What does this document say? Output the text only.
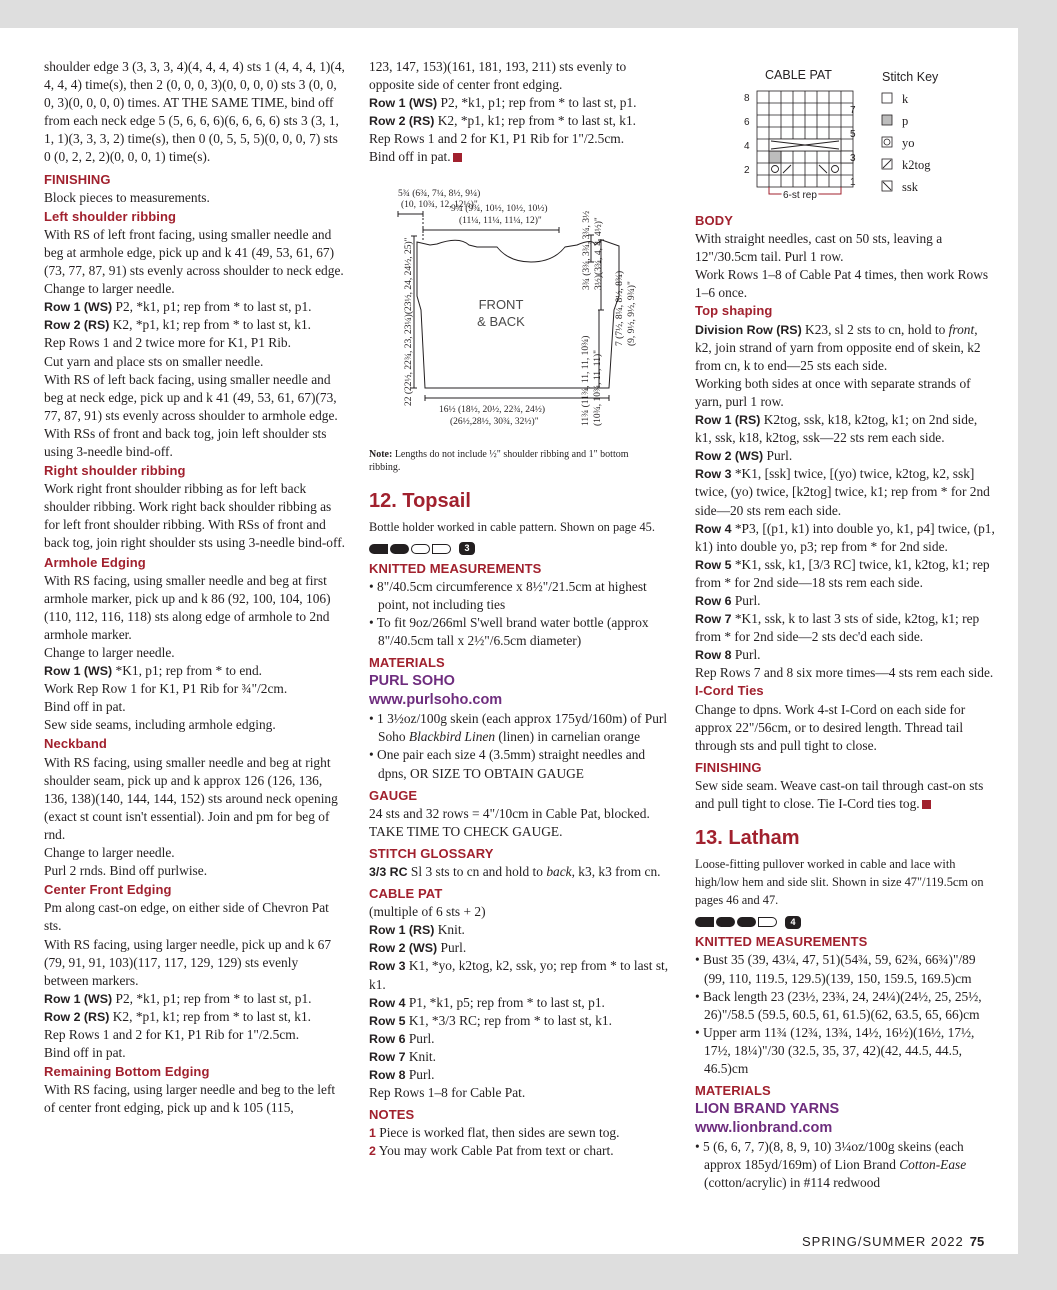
shoulder edge 3 (3, 3, 3, 4)(4, 4, 4, 4) sts 1 (4, 4, 4, 1)(4, 4, 4, 4) time(s), then 2 (0, 0, 0, 3)(0, 0, 0, 0) sts 3 (0, 0, 0, 3)(0, 0, 0, 0) times. AT THE SAME TIME, bind off from each neck edge 5 (5, 6, 6, 6)(6, 6, 6, 6) sts 3 (3, 1, 1, 1)(3, 3, 3, 2) time(s), then 0 (0, 5, 5, 5)(0, 0, 0, 7) sts 0 (0, 2, 2, 2)(0, 0, 0, 1) time(s).

FINISHING

Block pieces to measurements.

Left shoulder ribbing

With RS of left front facing, using smaller needle and beg at armhole edge, pick up and k 41 (49, 53, 61, 67)(73, 77, 87, 91) sts evenly across shoulder to neck edge.

Change to larger needle.

Row 1 (WS) P2, *k1, p1; rep from * to last st, p1.

Row 2 (RS) K2, *p1, k1; rep from * to last st, k1.

Rep Rows 1 and 2 twice more for K1, P1 Rib.

Cut yarn and place sts on smaller needle.

With RS of left back facing, using smaller needle and beg at neck edge, pick up and k 41 (49, 53, 61, 67)(73, 77, 87, 91) sts evenly across shoulder to armhole edge.

With RSs of front and back tog, join left shoulder sts using 3-needle bind-off.

Right shoulder ribbing

Work right front shoulder ribbing as for left back shoulder ribbing. Work right back shoulder ribbing as for left front shoulder ribbing. With RSs of front and back tog, join right shoulder sts using 3-needle bind-off.

Armhole Edging

With RS facing, using smaller needle and beg at first armhole marker, pick up and k 86 (92, 100, 104, 106)(110, 112, 116, 118) sts along edge of armhole to 2nd armhole marker.

Change to larger needle.

Row 1 (WS) *K1, p1; rep from * to end.

Work Rep Row 1 for K1, P1 Rib for ¾"/2cm.

Bind off in pat.

Sew side seams, including armhole edging.

Neckband

With RS facing, using smaller needle and beg at right shoulder seam, pick up and k approx 126 (126, 136, 136, 138)(140, 144, 144, 152) sts around neck opening (exact st count isn't essential). Join and pm for beg of rnd.

Change to larger needle.

Purl 2 rnds. Bind off purlwise.

Center Front Edging

Pm along cast-on edge, on either side of Chevron Pat sts.

With RS facing, using larger needle, pick up and k 67 (79, 91, 91, 103)(117, 117, 129, 129) sts evenly between markers.

Row 1 (WS) P2, *k1, p1; rep from * to last st, p1.

Row 2 (RS) K2, *p1, k1; rep from * to last st, k1.

Rep Rows 1 and 2 for K1, P1 Rib for 1"/2.5cm.

Bind off in pat.

Remaining Bottom Edging

With RS facing, using larger needle and beg to the left of center front edging, pick up and k 105 (115,

123, 147, 153)(161, 181, 193, 211) sts evenly to opposite side of center front edging.

Row 1 (WS) P2, *k1, p1; rep from * to last st, p1.

Row 2 (RS) K2, *p1, k1; rep from * to last st, k1.

Rep Rows 1 and 2 for K1, P1 Rib for 1"/2.5cm.

Bind off in pat.

5¾ (6¾, 7¼, 8½, 9¼)
(10, 10¾, 12, 12½)"
9¾ (9¾, 10½, 10½, 10½)
(11¼, 11¼, 11¼, 12)"
16½ (18½, 20½, 22¾, 24½)
(26½,28½, 30¾, 32½)"
22 (22½, 22¾, 23, 23¼)(23½, 24, 24½, 25)"	3¾ (3¾, 3¾, 3¾, 3½ 3½)(3¾, 4, 4, 4½)"
7 (7½, 8¼, 8½, 8¾) (9, 9½, 9½, 9¾)"
11¾ (11¾, 11, 11, 10¾) (10¾, 10¾, 11, 11)"
FRONT
& BACK

Note: Lengths do not include ½" shoulder ribbing and 1" bottom ribbing.

12. Topsail

Bottle holder worked in cable pattern. Shown on page 45.

3
KNITTED MEASUREMENTS

• 8"/40.5cm circumference x 8½"/21.5cm at highest point, not including ties

• To fit 9oz/266ml S'well brand water bottle (approx 8"/40.5cm tall x 2½"/6.5cm diameter)

MATERIALS
PURL SOHO
www.purlsoho.com

• 1 3½oz/100g skein (each approx 175yd/160m) of Purl Soho Blackbird Linen (linen) in carnelian orange

• One pair each size 4 (3.5mm) straight needles and dpns, OR SIZE TO OBTAIN GAUGE

GAUGE

24 sts and 32 rows = 4"/10cm in Cable Pat, blocked.

TAKE TIME TO CHECK GAUGE.

STITCH GLOSSARY

3/3 RC Sl 3 sts to cn and hold to back, k3, k3 from cn.

CABLE PAT

(multiple of 6 sts + 2)

Row 1 (RS) Knit.

Row 2 (WS) Purl.

Row 3 K1, *yo, k2tog, k2, ssk, yo; rep from * to last st, k1.

Row 4 P1, *k1, p5; rep from * to last st, p1.

Row 5 K1, *3/3 RC; rep from * to last st, k1.

Row 6 Purl.

Row 7 Knit.

Row 8 Purl.

Rep Rows 1–8 for Cable Pat.

NOTES

1 Piece is worked flat, then sides are sewn tog.

2 You may work Cable Pat from text or chart.

CABLE PAT	Stitch Key
6-st rep
8
6
4
2
7
5
3
1
k
p
yo
k2tog
ssk
BODY

With straight needles, cast on 50 sts, leaving a 12"/30.5cm tail. Purl 1 row.

Work Rows 1–8 of Cable Pat 4 times, then work Rows 1–6 once.

Top shaping

Division Row (RS) K23, sl 2 sts to cn, hold to front, k2, join strand of yarn from opposite end of skein, k2 from cn, k to end—25 sts each side.

Working both sides at once with separate strands of yarn, purl 1 row.

Row 1 (RS) K2tog, ssk, k18, k2tog, k1; on 2nd side, k1, ssk, k18, k2tog, ssk—22 sts rem each side.

Row 2 (WS) Purl.

Row 3 *K1, [ssk] twice, [(yo) twice, k2tog, k2, ssk] twice, (yo) twice, [k2tog] twice, k1; rep from * for 2nd side—20 sts rem each side.

Row 4 *P3, [(p1, k1) into double yo, k1, p4] twice, (p1, k1) into double yo, p3; rep from * for 2nd side.

Row 5 *K1, ssk, k1, [3/3 RC] twice, k1, k2tog, k1; rep from * for 2nd side—18 sts rem each side.

Row 6 Purl.

Row 7 *K1, ssk, k to last 3 sts of side, k2tog, k1; rep from * for 2nd side—2 sts dec'd each side.

Row 8 Purl.

Rep Rows 7 and 8 six more times—4 sts rem each side.

I-Cord Ties

Change to dpns. Work 4-st I-Cord on each side for approx 22"/56cm, or to desired length. Thread tail through sts and pull tight to close.

FINISHING

Sew side seam. Weave cast-on tail through cast-on sts and pull tight to close. Tie I-Cord ties tog.

13. Latham

Loose-fitting pullover worked in cable and lace with high/low hem and side slit. Shown in size 47"/119.5cm on pages 46 and 47.

4
KNITTED MEASUREMENTS

• Bust 35 (39, 43¼, 47, 51)(54¾, 59, 62¾, 66¾)"/89 (99, 110, 119.5, 129.5)(139, 150, 159.5, 169.5)cm

• Back length 23 (23½, 23¾, 24, 24¼)(24½, 25, 25½, 26)"/58.5 (59.5, 60.5, 61, 61.5)(62, 63.5, 65, 66)cm

• Upper arm 11¾ (12¾, 13¾, 14½, 16½)(16½, 17½, 17½, 18¼)"/30 (32.5, 35, 37, 42)(42, 44.5, 44.5, 46.5)cm

MATERIALS
LION BRAND YARNS
www.lionbrand.com

• 5 (6, 6, 7, 7)(8, 8, 9, 10) 3¼oz/100g skeins (each approx 185yd/169m) of Lion Brand Cotton-Ease (cotton/acrylic) in #114 redwood

SPRING/SUMMER 2022 75
